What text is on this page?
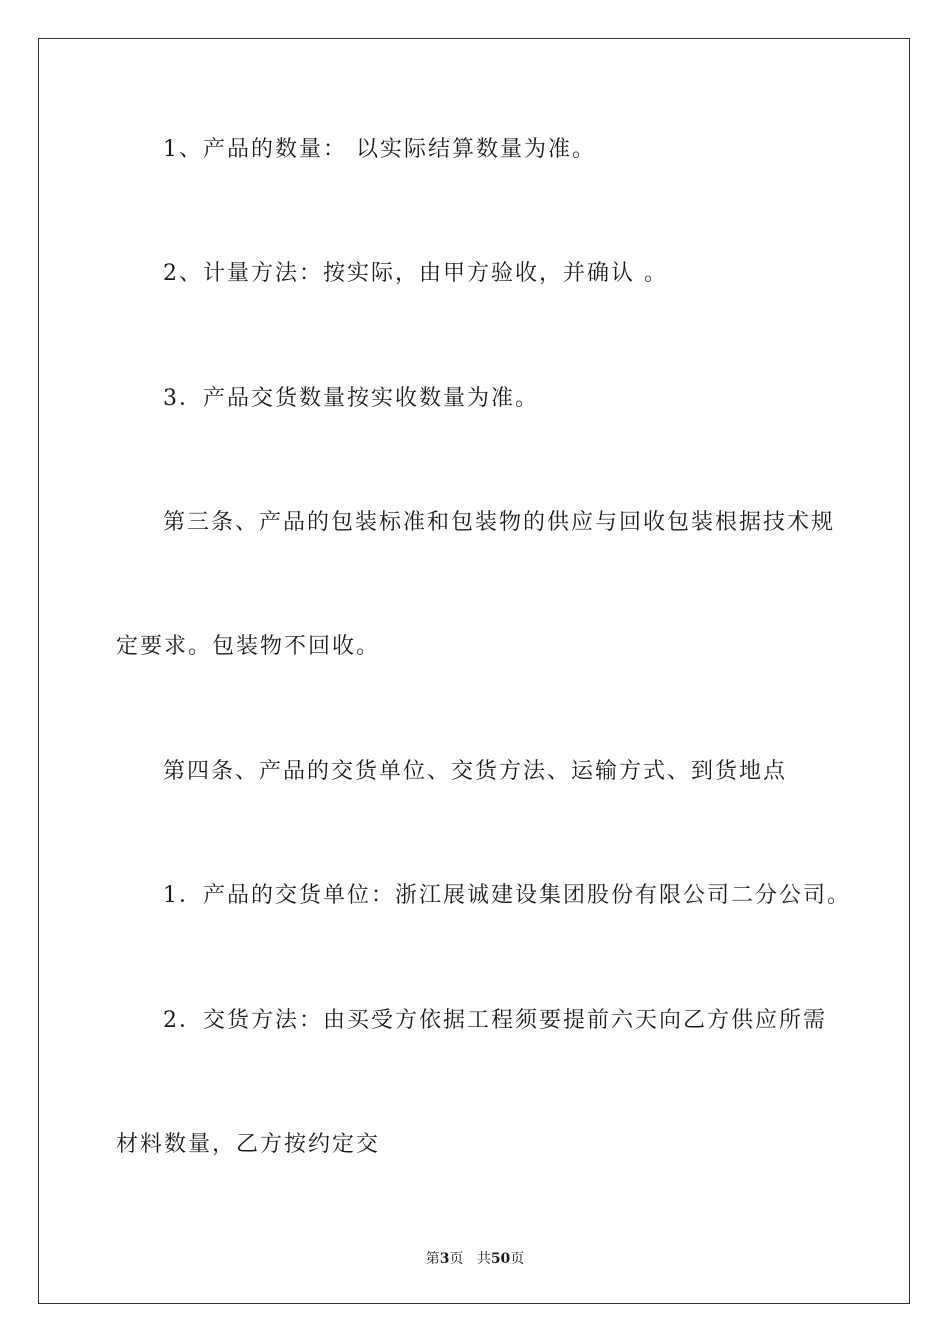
1、产品的数量： 以实际结算数量为准。

2、计量方法：按实际，由甲方验收，并确认 。

3．产品交货数量按实收数量为准。

第三条、产品的包装标准和包装物的供应与回收包装根据技术规

定要求。包装物不回收。

第四条、产品的交货单位、交货方法、运输方式、到货地点

1．产品的交货单位：浙江展诚建设集团股份有限公司二分公司。

2．交货方法：由买受方依据工程须要提前六天向乙方供应所需

材料数量，乙方按约定交

第3页 共50页
